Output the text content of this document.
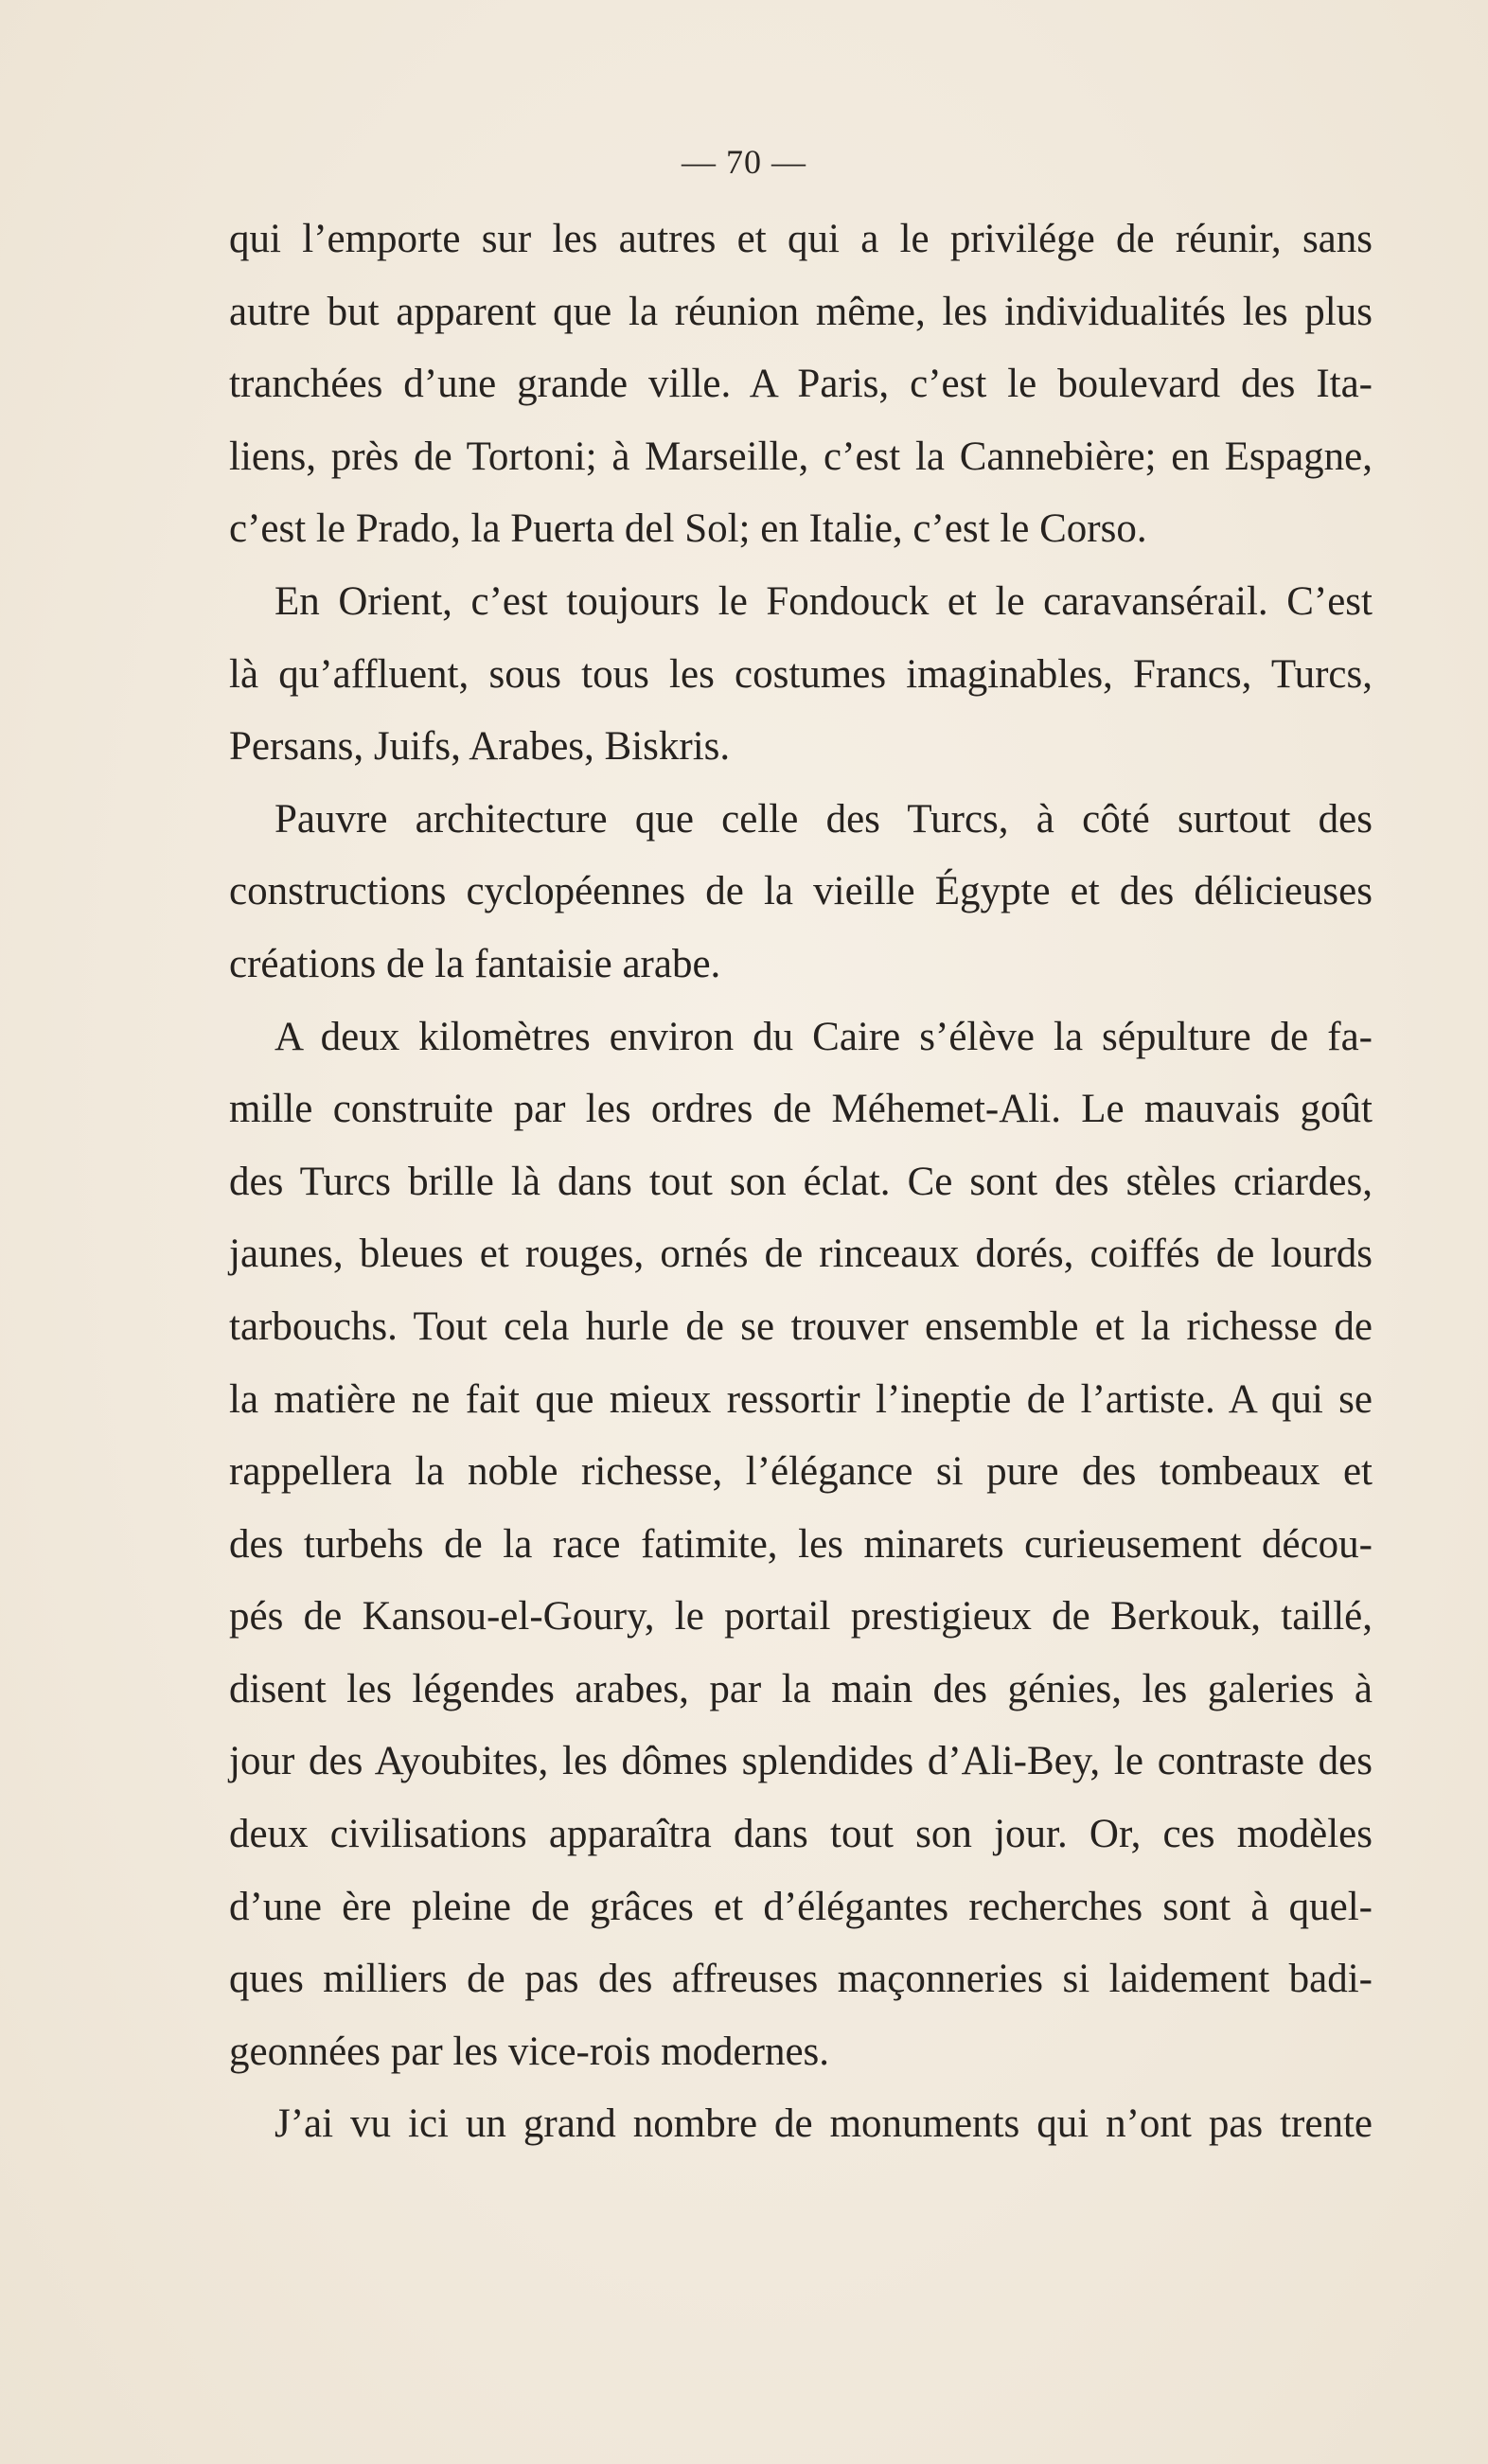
— 70 —
qui l’emporte sur les autres et qui a le privilége de réunir, sans
autre but apparent que la réunion même, les individualités les plus
tranchées d’une grande ville. A Paris, c’est le boulevard des Ita-
liens, près de Tortoni; à Marseille, c’est la Cannebière; en Espagne,
c’est le Prado, la Puerta del Sol; en Italie, c’est le Corso.
En Orient, c’est toujours le Fondouck et le caravansérail. C’est
là qu’affluent, sous tous les costumes imaginables, Francs, Turcs,
Persans, Juifs, Arabes, Biskris.
Pauvre architecture que celle des Turcs, à côté surtout des
constructions cyclopéennes de la vieille Égypte et des délicieuses
créations de la fantaisie arabe.
A deux kilomètres environ du Caire s’élève la sépulture de fa-
mille construite par les ordres de Méhemet-Ali. Le mauvais goût
des Turcs brille là dans tout son éclat. Ce sont des stèles criardes,
jaunes, bleues et rouges, ornés de rinceaux dorés, coiffés de lourds
tarbouchs. Tout cela hurle de se trouver ensemble et la richesse de
la matière ne fait que mieux ressortir l’ineptie de l’artiste. A qui se
rappellera la noble richesse, l’élégance si pure des tombeaux et
des turbehs de la race fatimite, les minarets curieusement décou-
pés de Kansou-el-Goury, le portail prestigieux de Berkouk, taillé,
disent les légendes arabes, par la main des génies, les galeries à
jour des Ayoubites, les dômes splendides d’Ali-Bey, le contraste des
deux civilisations apparaîtra dans tout son jour. Or, ces modèles
d’une ère pleine de grâces et d’élégantes recherches sont à quel-
ques milliers de pas des affreuses maçonneries si laidement badi-
geonnées par les vice-rois modernes.
J’ai vu ici un grand nombre de monuments qui n’ont pas trente
